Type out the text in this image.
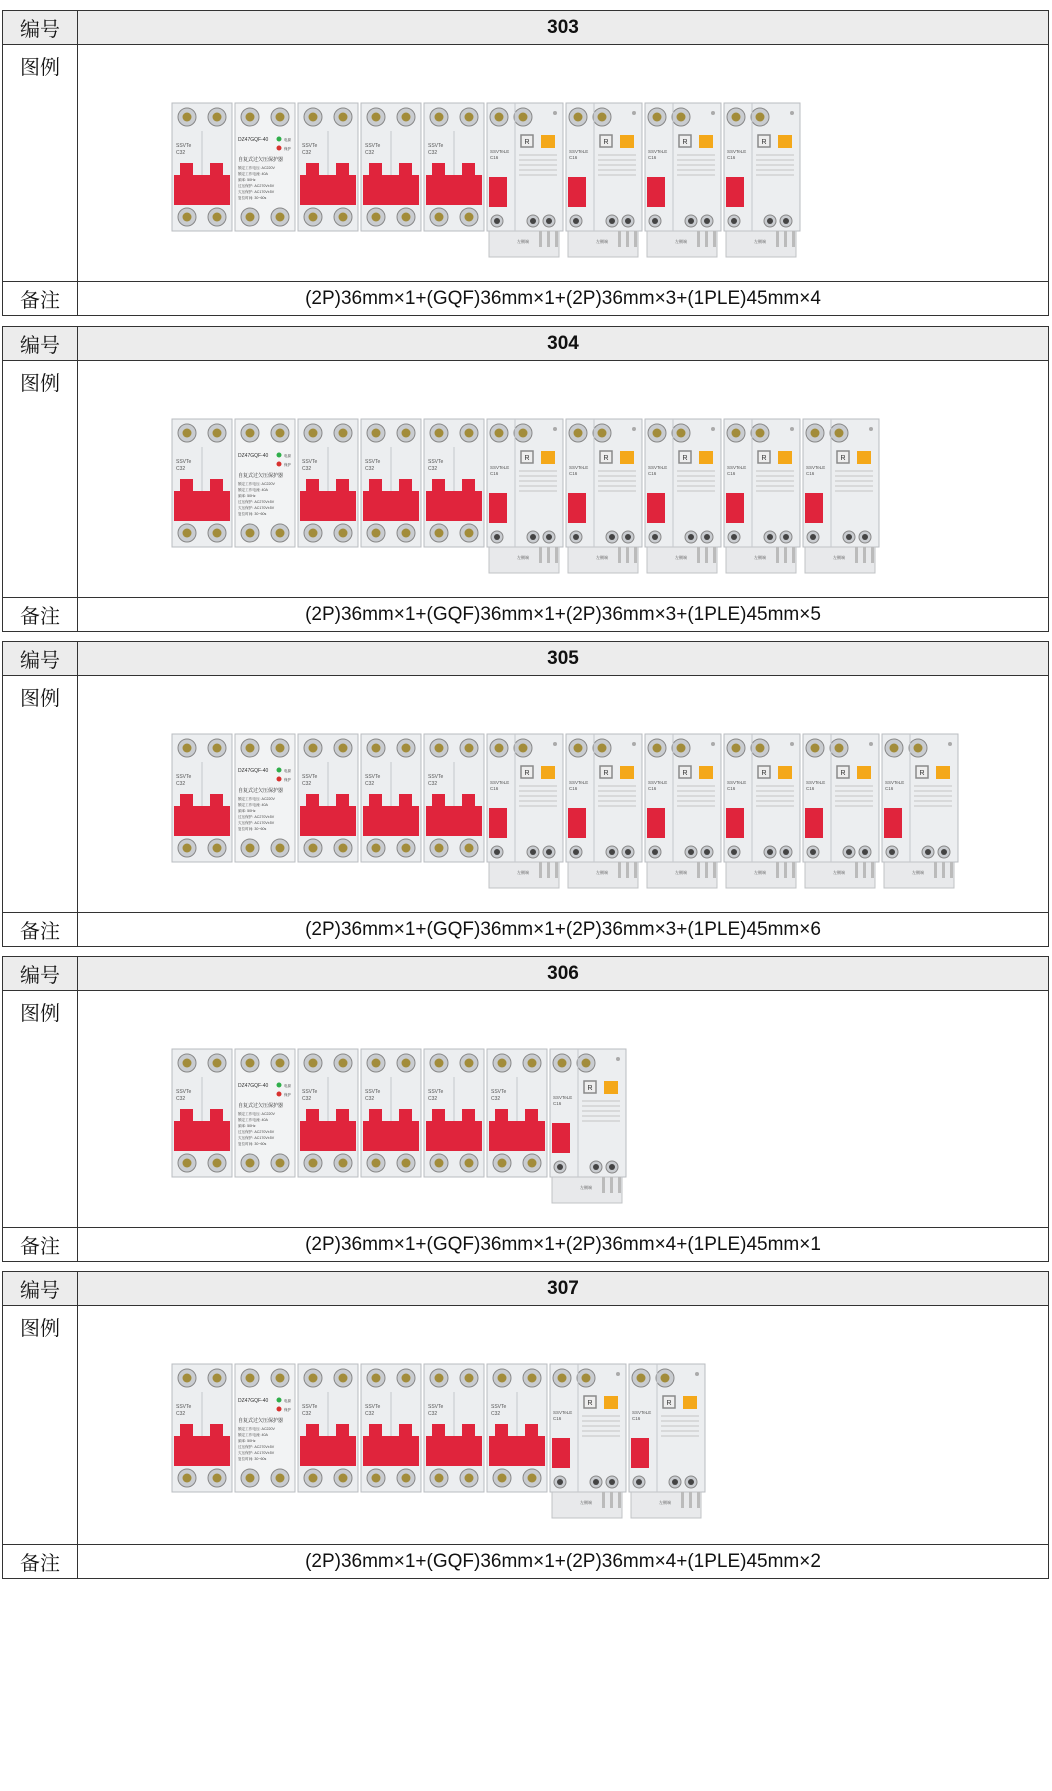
编号	303
图例
SSVTe
C32
DZ47GQF-40	电源
保护
自复式过欠压保护器
额定工作电压: AC220V
额定工作电流: 40A
频率: 50Hz
过压保护: AC270V±5V
欠压保护: AC170V±5V
复位时间: 30~60s
SSVTe
C32
SSVTe
C32
SSVTe
C32
R
SSVTeLE
C16
左侧端
R
SSVTeLE
C16
左侧端
R
SSVTeLE
C16
左侧端
R
SSVTeLE
C16
左侧端
备注	(2P)36mm×1+(GQF)36mm×1+(2P)36mm×3+(1PLE)45mm×4
编号	304
图例
SSVTe
C32
DZ47GQF-40	电源
保护
自复式过欠压保护器
额定工作电压: AC220V
额定工作电流: 40A
频率: 50Hz
过压保护: AC270V±5V
欠压保护: AC170V±5V
复位时间: 30~60s
SSVTe
C32
SSVTe
C32
SSVTe
C32
R
SSVTeLE
C16
左侧端
R
SSVTeLE
C16
左侧端
R
SSVTeLE
C16
左侧端
R
SSVTeLE
C16
左侧端
R
SSVTeLE
C16
左侧端
备注	(2P)36mm×1+(GQF)36mm×1+(2P)36mm×3+(1PLE)45mm×5
编号	305
图例
SSVTe
C32
DZ47GQF-40	电源
保护
自复式过欠压保护器
额定工作电压: AC220V
额定工作电流: 40A
频率: 50Hz
过压保护: AC270V±5V
欠压保护: AC170V±5V
复位时间: 30~60s
SSVTe
C32
SSVTe
C32
SSVTe
C32
R
SSVTeLE
C16
左侧端
R
SSVTeLE
C16
左侧端
R
SSVTeLE
C16
左侧端
R
SSVTeLE
C16
左侧端
R
SSVTeLE
C16
左侧端
R
SSVTeLE
C16
左侧端
备注	(2P)36mm×1+(GQF)36mm×1+(2P)36mm×3+(1PLE)45mm×6
编号	306
图例
SSVTe
C32
DZ47GQF-40	电源
保护
自复式过欠压保护器
额定工作电压: AC220V
额定工作电流: 40A
频率: 50Hz
过压保护: AC270V±5V
欠压保护: AC170V±5V
复位时间: 30~60s
SSVTe
C32
SSVTe
C32
SSVTe
C32
SSVTe
C32
R
SSVTeLE
C16
左侧端
备注	(2P)36mm×1+(GQF)36mm×1+(2P)36mm×4+(1PLE)45mm×1
编号	307
图例
SSVTe
C32
DZ47GQF-40	电源
保护
自复式过欠压保护器
额定工作电压: AC220V
额定工作电流: 40A
频率: 50Hz
过压保护: AC270V±5V
欠压保护: AC170V±5V
复位时间: 30~60s
SSVTe
C32
SSVTe
C32
SSVTe
C32
SSVTe
C32
R
SSVTeLE
C16
左侧端
R
SSVTeLE
C16
左侧端
备注	(2P)36mm×1+(GQF)36mm×1+(2P)36mm×4+(1PLE)45mm×2
